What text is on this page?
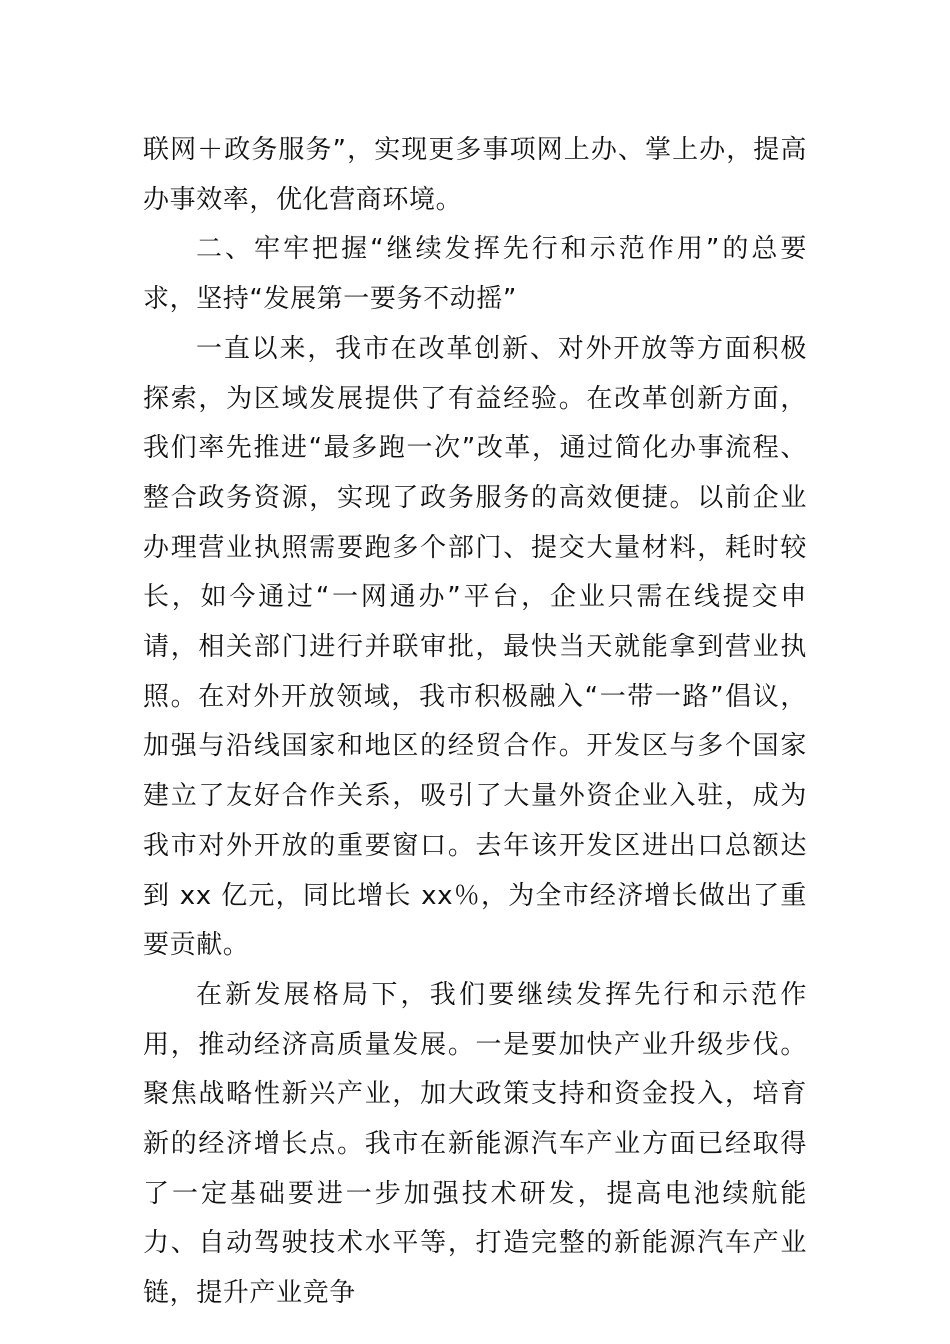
联网＋政务服务”，实现更多事项网上办、掌上办，提高办事效率，优化营商环境。

二、牢牢把握“继续发挥先行和示范作用”的总要求，坚持“发展第一要务不动摇”

一直以来，我市在改革创新、对外开放等方面积极探索，为区域发展提供了有益经验。在改革创新方面，我们率先推进“最多跑一次”改革，通过简化办事流程、整合政务资源，实现了政务服务的高效便捷。以前企业办理营业执照需要跑多个部门、提交大量材料，耗时较长，如今通过“一网通办”平台，企业只需在线提交申请，相关部门进行并联审批，最快当天就能拿到营业执照。在对外开放领域，我市积极融入“一带一路”倡议，加强与沿线国家和地区的经贸合作。开发区与多个国家建立了友好合作关系，吸引了大量外资企业入驻，成为我市对外开放的重要窗口。去年该开发区进出口总额达到 xx 亿元，同比增长 xx％，为全市经济增长做出了重要贡献。

在新发展格局下，我们要继续发挥先行和示范作用，推动经济高质量发展。一是要加快产业升级步伐。聚焦战略性新兴产业，加大政策支持和资金投入，培育新的经济增长点。我市在新能源汽车产业方面已经取得了一定基础要进一步加强技术研发，提高电池续航能力、自动驾驶技术水平等，打造完整的新能源汽车产业链，提升产业竞争
